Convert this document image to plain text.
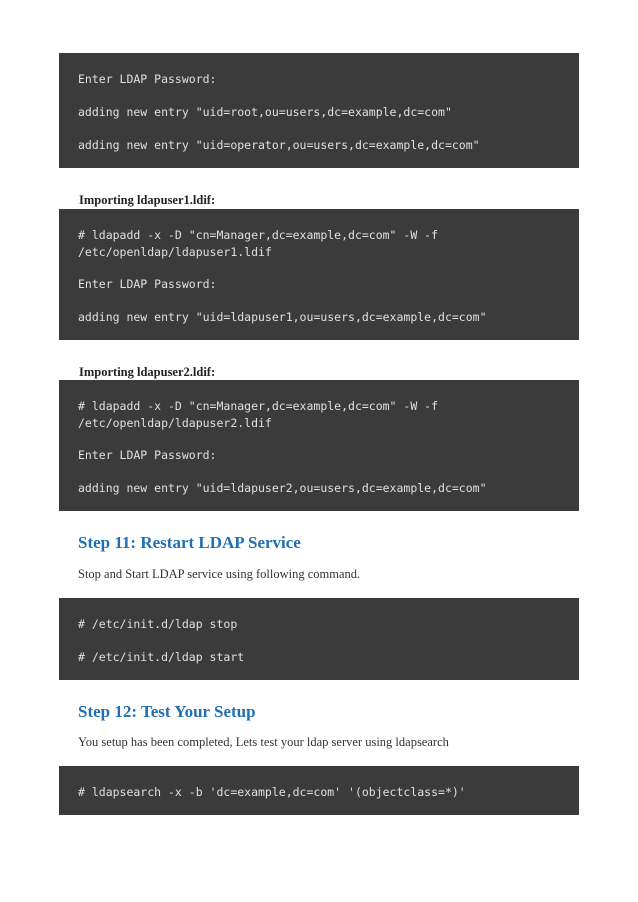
Enter LDAP Password:
adding new entry "uid=root,ou=users,dc=example,dc=com"
adding new entry "uid=operator,ou=users,dc=example,dc=com"
Importing ldapuser1.ldif:
# ldapadd -x -D "cn=Manager,dc=example,dc=com" -W -f
/etc/openldap/ldapuser1.ldif
Enter LDAP Password:
adding new entry "uid=ldapuser1,ou=users,dc=example,dc=com"
Importing ldapuser2.ldif:
# ldapadd -x -D "cn=Manager,dc=example,dc=com" -W -f
/etc/openldap/ldapuser2.ldif
Enter LDAP Password:
adding new entry "uid=ldapuser2,ou=users,dc=example,dc=com"
Step 11: Restart LDAP Service
Stop and Start LDAP service using following command.
# /etc/init.d/ldap stop
# /etc/init.d/ldap start
Step 12: Test Your Setup
You setup has been completed, Lets test your ldap server using ldapsearch
# ldapsearch -x -b 'dc=example,dc=com' '(objectclass=*)'
